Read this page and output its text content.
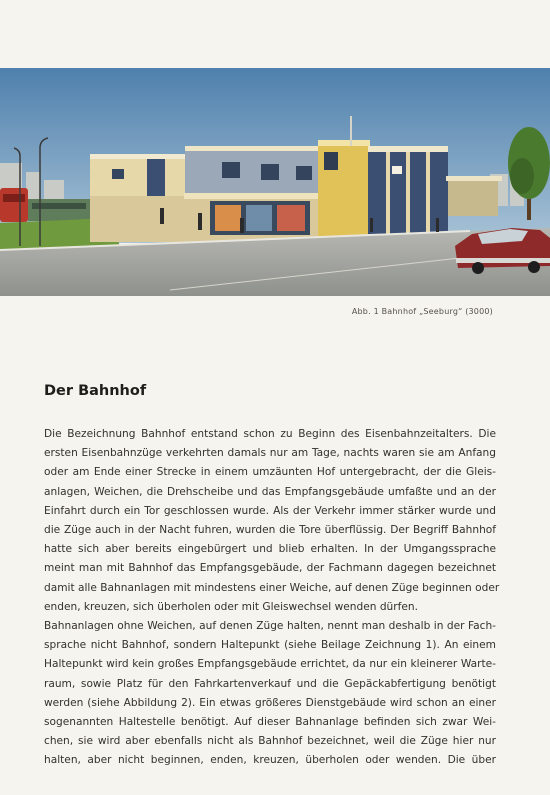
Abb. 1 Bahnhof „Seeburg“ (3000)
Der Bahnhof
Die Bezeichnung Bahnhof entstand schon zu Beginn des Eisenbahnzeitalters. Die
ersten Eisenbahnzüge verkehrten damals nur am Tage, nachts waren sie am Anfang
oder am Ende einer Strecke in einem umzäunten Hof untergebracht, der die Gleis-
anlagen, Weichen, die Drehscheibe und das Empfangsgebäude umfaßte und an der
Einfahrt durch ein Tor geschlossen wurde. Als der Verkehr immer stärker wurde und
die Züge auch in der Nacht fuhren, wurden die Tore überflüssig. Der Begriff Bahnhof
hatte sich aber bereits eingebürgert und blieb erhalten. In der Umgangssprache
meint man mit Bahnhof das Empfangsgebäude, der Fachmann dagegen bezeichnet
damit alle Bahnanlagen mit mindestens einer Weiche, auf denen Züge beginnen oder
enden, kreuzen, sich überholen oder mit Gleiswechsel wenden dürfen.
Bahnanlagen ohne Weichen, auf denen Züge halten, nennt man deshalb in der Fach-
sprache nicht Bahnhof, sondern Haltepunkt (siehe Beilage Zeichnung 1). An einem
Haltepunkt wird kein großes Empfangsgebäude errichtet, da nur ein kleinerer Warte-
raum, sowie Platz für den Fahrkartenverkauf und die Gepäckabfertigung benötigt
werden (siehe Abbildung 2). Ein etwas größeres Dienstgebäude wird schon an einer
sogenannten Haltestelle benötigt. Auf dieser Bahnanlage befinden sich zwar Wei-
chen, sie wird aber ebenfalls nicht als Bahnhof bezeichnet, weil die Züge hier nur
halten, aber nicht beginnen, enden, kreuzen, überholen oder wenden. Die über
